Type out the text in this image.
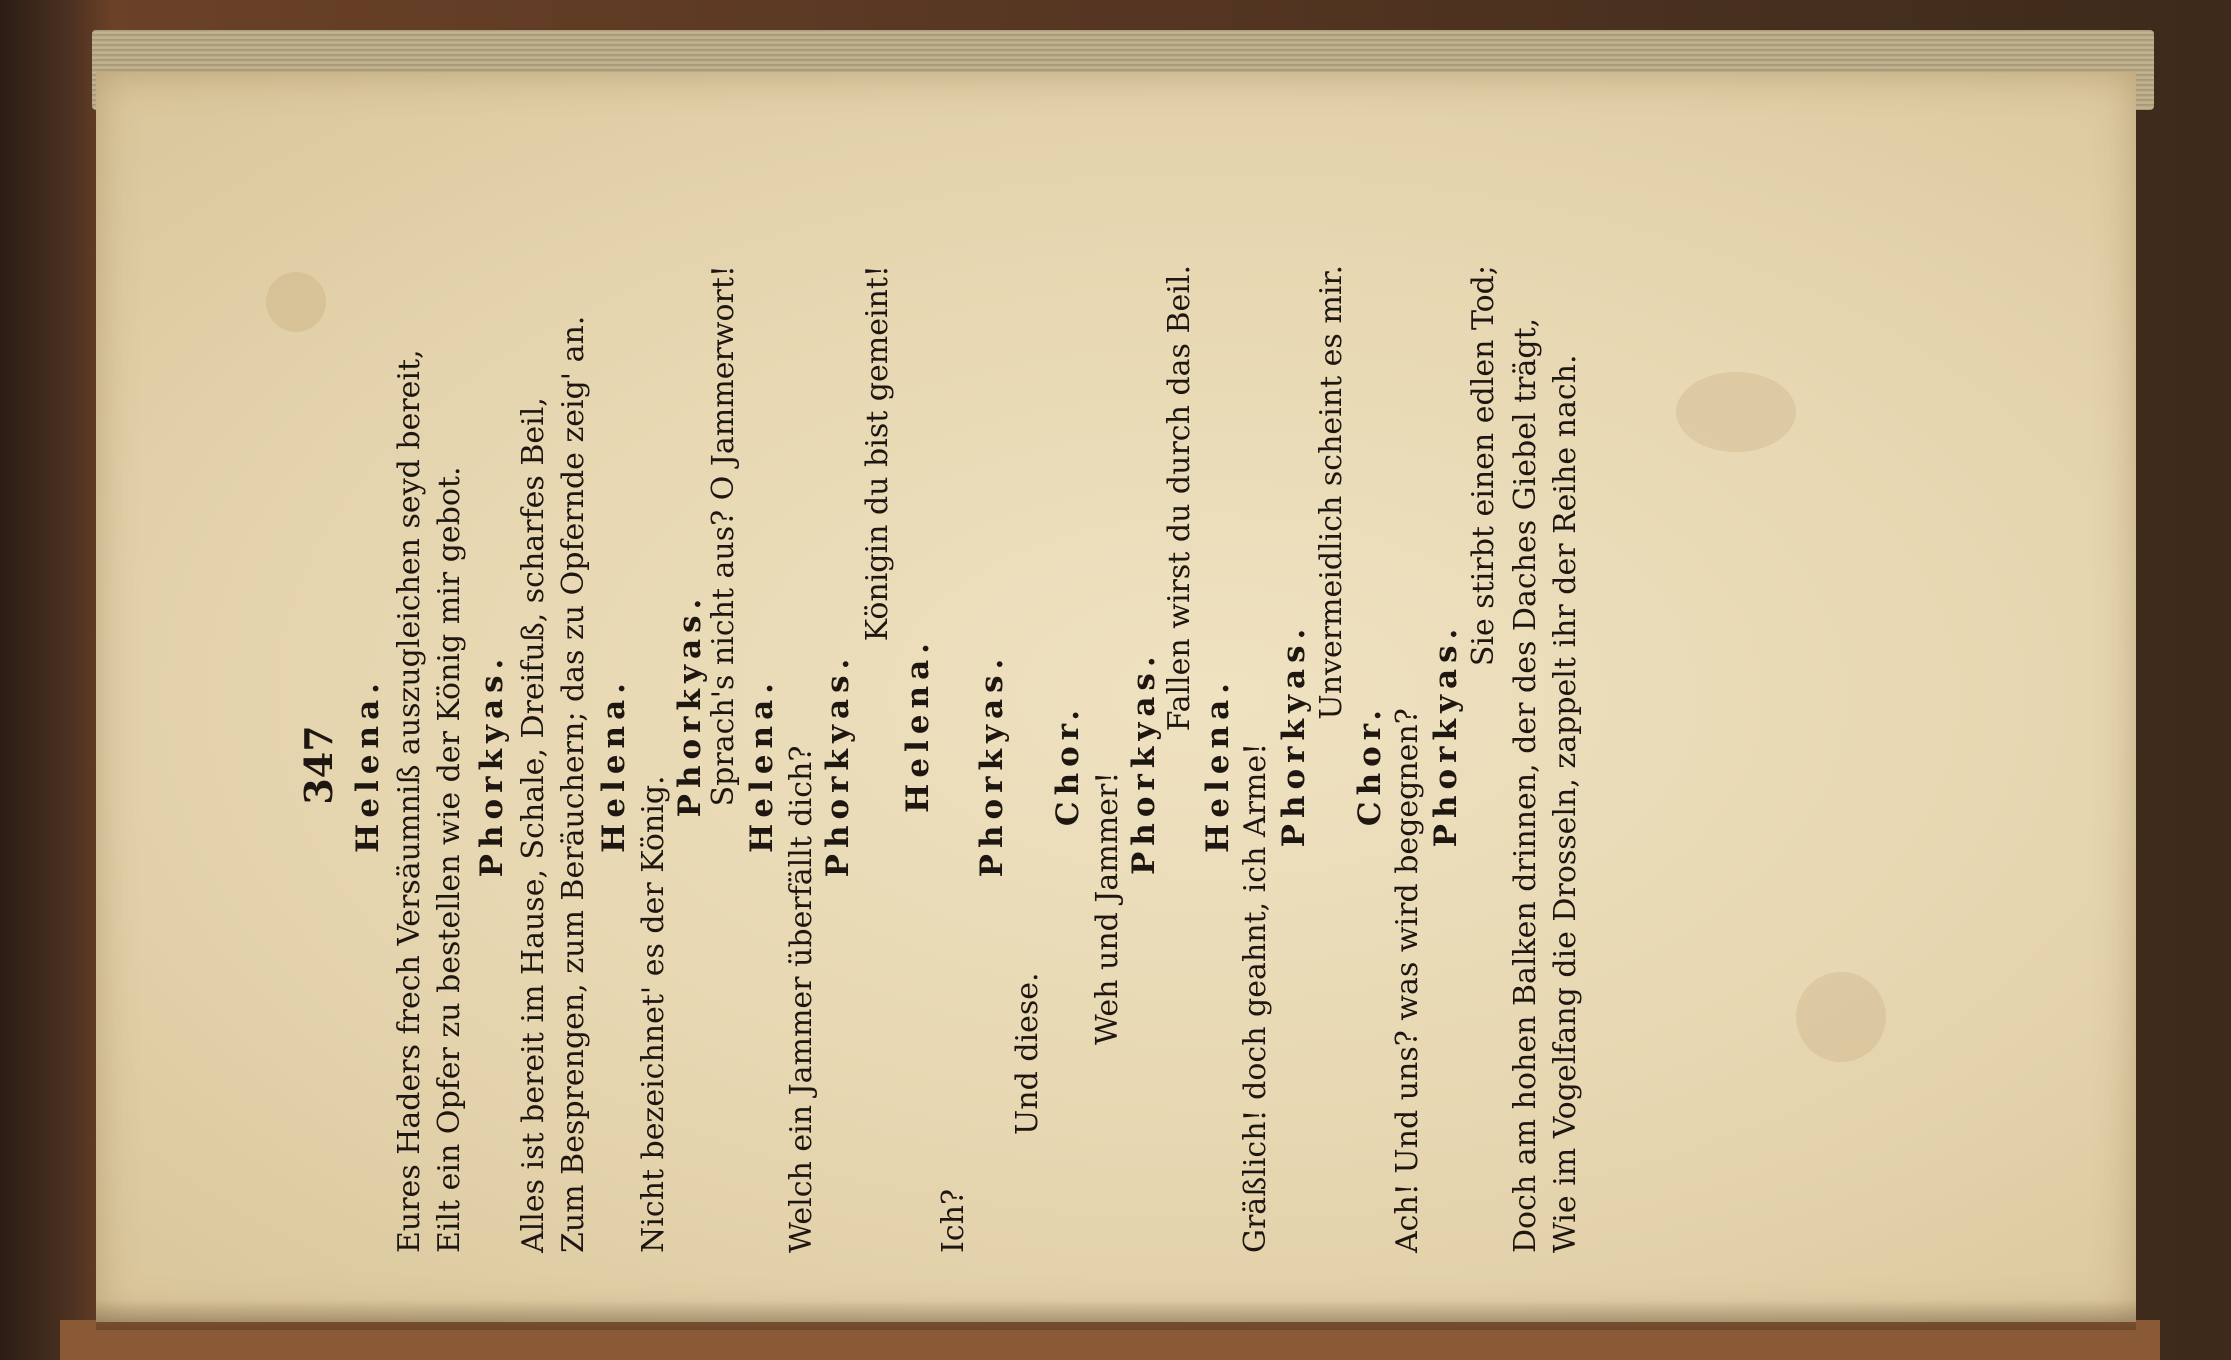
347 Helena. Eures Haders frech Versäumniß auszugleichen seyd bereit, Eilt ein Opfer zu bestellen wie der König mir gebot. Phorkyas. Alles ist bereit im Hause, Schale, Dreifuß, scharfes Beil, Zum Besprengen, zum Beräuchern; das zu Opfernde zeig' an. Helena.
Nicht bezeichnet' es der König.
Phorkyas.
Sprach's nicht aus? O Jammerwort! Helena. Welch ein Jammer überfällt dich? Phorkyas.
Königin du bist gemeint!
Helena.
Ich?
Phorkyas.
Und diese.
Chor.
Weh und Jammer!
Phorkyas.
Fallen wirst du durch das Beil.
Helena. Gräßlich! doch geahnt, ich Arme!
Phorkyas.
Unvermeidlich scheint es mir.
Chor. Ach! Und uns? was wird begegnen? Phorkyas.
Sie stirbt einen edlen Tod; Doch am hohen Balken drinnen, der des Daches Giebel trägt, Wie im Vogelfang die Drosseln, zappelt ihr der Reihe nach.
